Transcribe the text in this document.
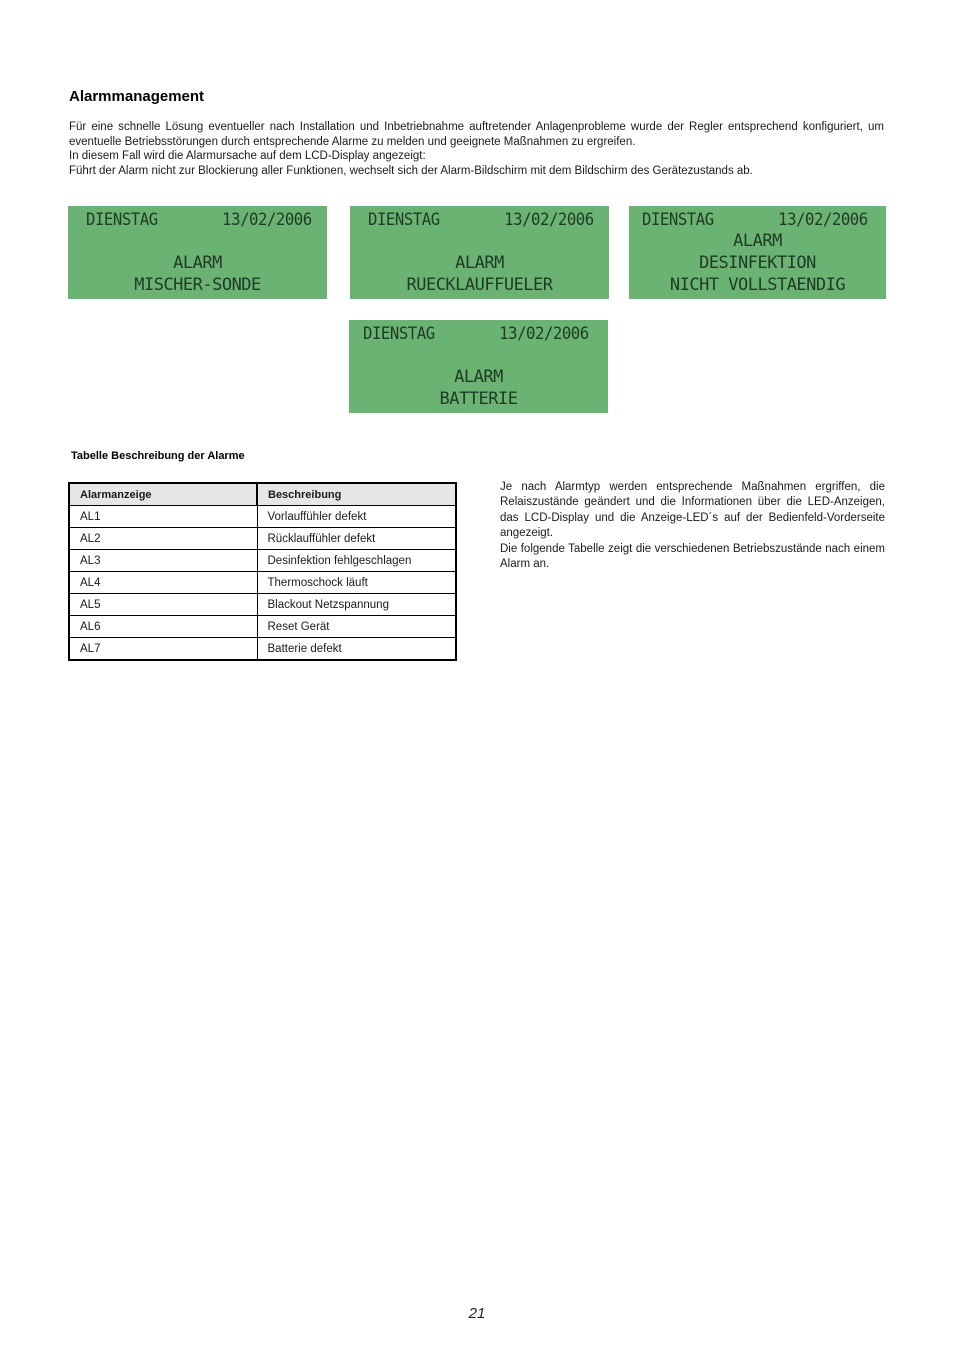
Alarmmanagement
Für eine schnelle Lösung eventueller nach Installation und Inbetriebnahme auftretender Anlagenprobleme wurde der Regler entsprechend konfiguriert, um eventuelle Betriebsstörungen durch entsprechende Alarme zu melden und geeignete Maßnahmen zu ergreifen.
In diesem Fall wird die Alarmursache auf dem LCD-Display angezeigt:
Führt der Alarm nicht zur Blockierung aller Funktionen, wechselt sich der Alarm-Bildschirm mit dem Bildschirm des Gerätezustands ab.
DIENSTAG	13/02/2006
ALARM
MISCHER-SONDE
DIENSTAG	13/02/2006
ALARM
RUECKLAUFFUELER
DIENSTAG	13/02/2006
ALARM
DESINFEKTION
NICHT VOLLSTAENDIG
DIENSTAG	13/02/2006
ALARM
BATTERIE
Tabelle Beschreibung der Alarme
Alarmanzeige	Beschreibung
AL1	Vorlauffühler defekt
AL2	Rücklauffühler defekt
AL3	Desinfektion fehlgeschlagen
AL4	Thermoschock läuft
AL5	Blackout Netzspannung
AL6	Reset Gerät
AL7	Batterie defekt

Je nach Alarmtyp werden entsprechende Maßnahmen ergriffen, die Relaiszustände geändert und die Informationen über die LED-Anzeigen, das LCD-Display und die Anzeige-LED´s auf der Bedienfeld-Vorderseite angezeigt.

Die folgende Tabelle zeigt die verschiedenen Betriebszustände nach einem Alarm an.

21
